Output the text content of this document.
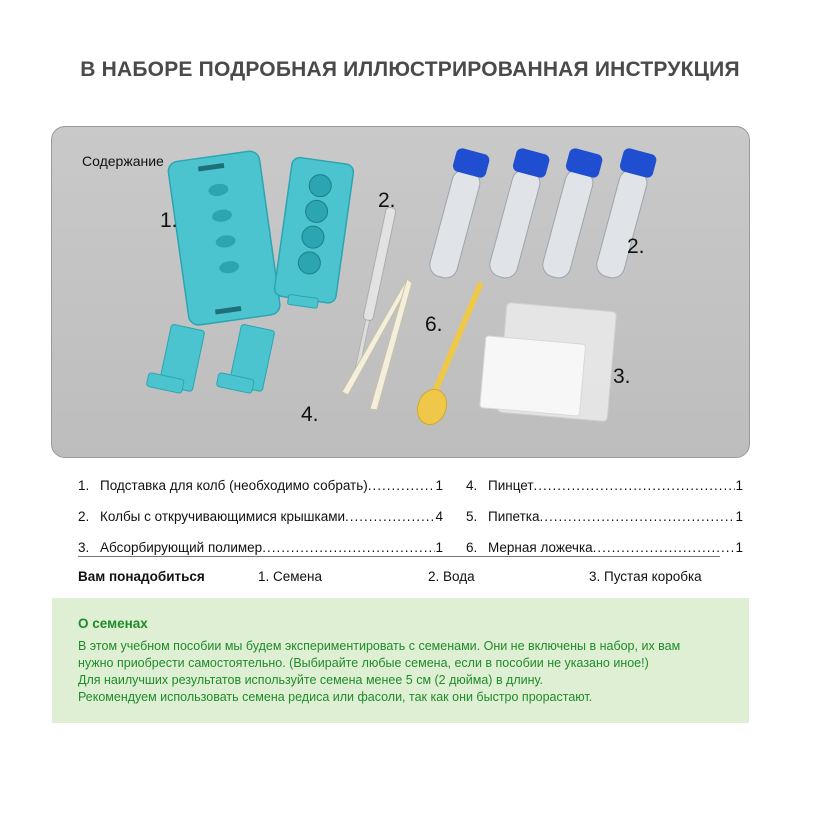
В НАБОРЕ ПОДРОБНАЯ ИЛЛЮСТРИРОВАННАЯ ИНСТРУКЦИЯ
Содержание
1.
2.
2.
6.
3.
4.
1. Подставка для колб (необходимо собрать) .....	1 4. Пинцет .....	1
2. Колбы с откручивающимися крышками .....	4 5. Пипетка .....	1
3. Абсорбирующий полимер .....	1 6. Мерная ложечка .....	1
Вам понадобиться	1. Семена	2. Вода	3. Пустая коробка
О семенах
В этом учебном пособии мы будем экспериментировать с семенами. Они не включены в набор, их вам
нужно приобрести самостоятельно. (Выбирайте любые семена, если в пособии не указано иное!)
Для наилучших результатов используйте семена менее 5 см (2 дюйма) в длину.
Рекомендуем использовать семена редиса или фасоли, так как они быстро прорастают.
